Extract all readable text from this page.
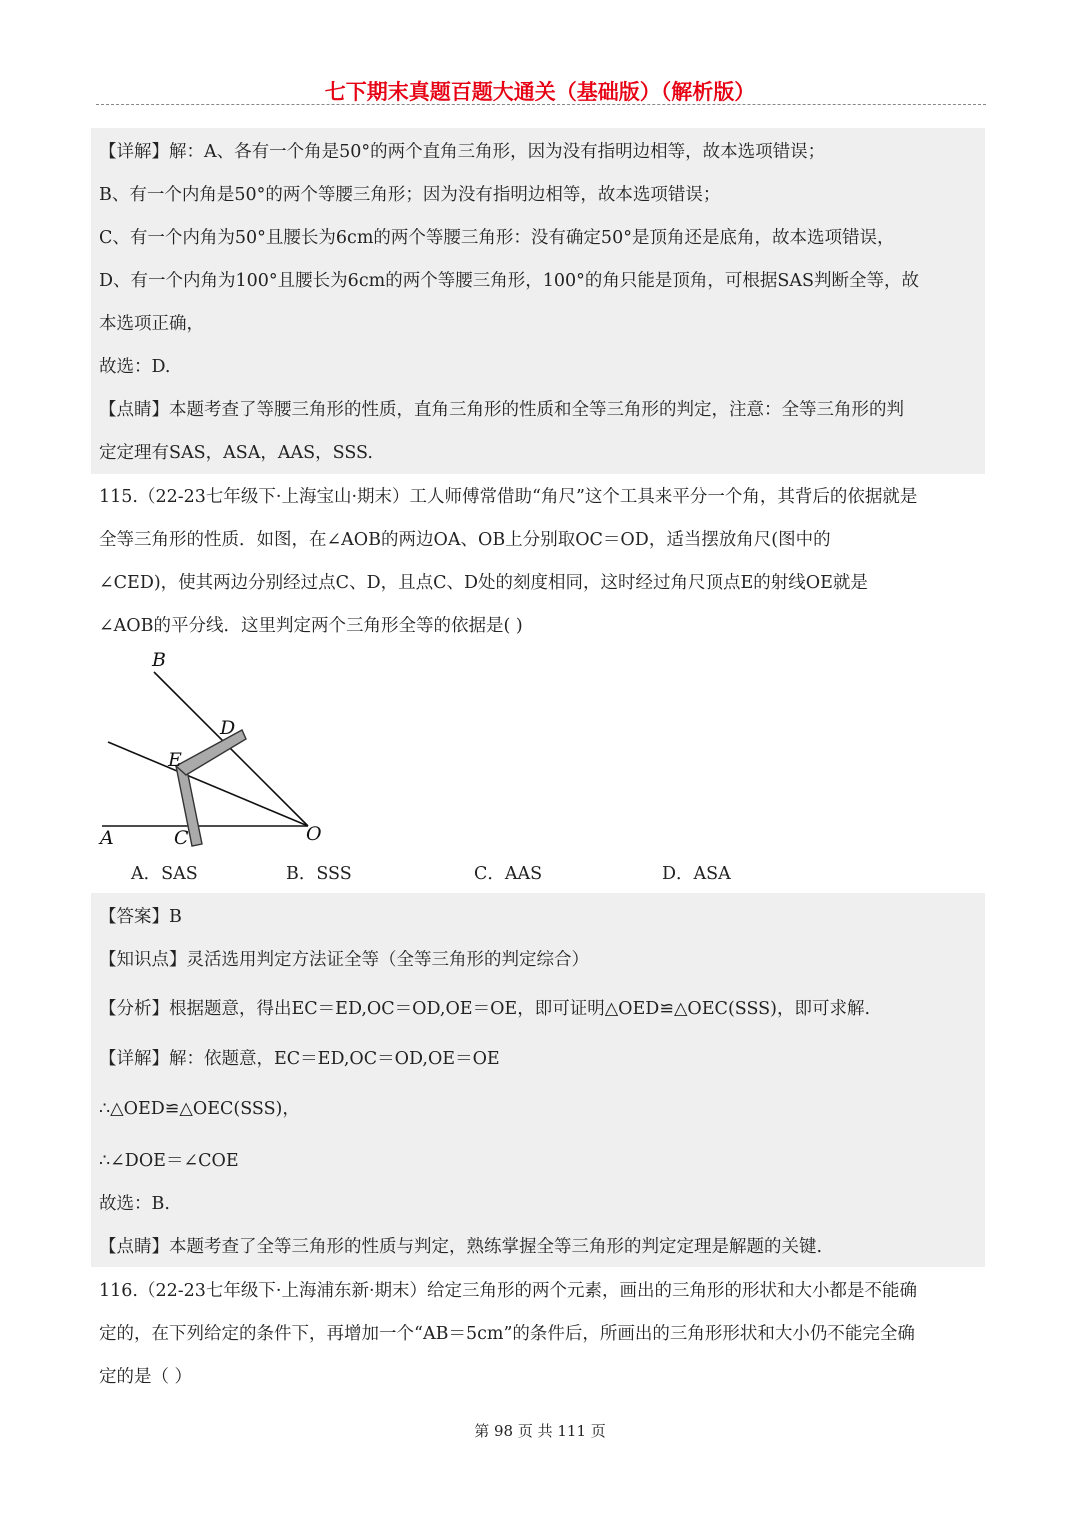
七下期末真题百题大通关（基础版）（解析版）
【详解】解：A、各有一个角是50°的两个直角三角形，因为没有指明边相等，故本选项错误；
B、有一个内角是50°的两个等腰三角形；因为没有指明边相等，故本选项错误；
C、有一个内角为50°且腰长为6cm的两个等腰三角形：没有确定50°是顶角还是底角，故本选项错误，
D、有一个内角为100°且腰长为6cm的两个等腰三角形，100°的角只能是顶角，可根据SAS判断全等，故
本选项正确，
故选：D.
【点睛】本题考查了等腰三角形的性质，直角三角形的性质和全等三角形的判定，注意：全等三角形的判
定定理有SAS，ASA，AAS，SSS.
115.（22-23七年级下·上海宝山·期末）工人师傅常借助“角尺”这个工具来平分一个角，其背后的依据就是
全等三角形的性质．如图，在∠AOB的两边OA、OB上分别取OC＝OD，适当摆放角尺(图中的
∠CED)，使其两边分别经过点C、D，且点C、D处的刻度相同，这时经过角尺顶点E的射线OE就是
∠AOB的平分线．这里判定两个三角形全等的依据是( )
B
D
E
A	C	O
A．SAS	B．SSS	C．AAS	D．ASA
【答案】B
【知识点】灵活选用判定方法证全等（全等三角形的判定综合）
【分析】根据题意，得出EC＝ED,OC＝OD,OE＝OE，即可证明△OED≌△OEC(SSS)，即可求解.
【详解】解：依题意，EC＝ED,OC＝OD,OE＝OE
∴△OED≌△OEC(SSS)，
∴∠DOE＝∠COE
故选：B.
【点睛】本题考查了全等三角形的性质与判定，熟练掌握全等三角形的判定定理是解题的关键.
116.（22-23七年级下·上海浦东新·期末）给定三角形的两个元素，画出的三角形的形状和大小都是不能确
定的，在下列给定的条件下，再增加一个“AB＝5cm”的条件后，所画出的三角形形状和大小仍不能完全确
定的是（ ）
第 98 页 共 111 页
